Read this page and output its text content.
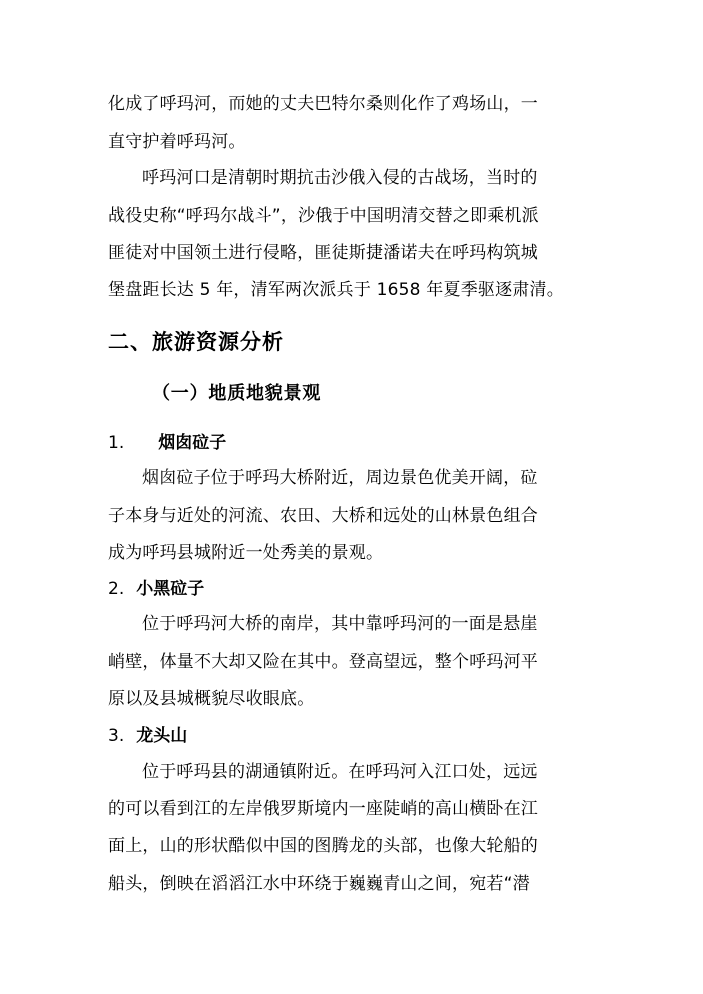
化成了呼玛河，而她的丈夫巴特尔桑则化作了鸡场山，一
直守护着呼玛河。
呼玛河口是清朝时期抗击沙俄入侵的古战场，当时的
战役史称“呼玛尔战斗”，沙俄于中国明清交替之即乘机派
匪徒对中国领土进行侵略，匪徒斯捷潘诺夫在呼玛构筑城
堡盘距长达 5 年，清军两次派兵于 1658 年夏季驱逐肃清。
二、旅游资源分析
（一）地质地貌景观
1. 烟囱砬子
烟囱砬子位于呼玛大桥附近，周边景色优美开阔，砬
子本身与近处的河流、农田、大桥和远处的山林景色组合
成为呼玛县城附近一处秀美的景观。
2. 小黑砬子
位于呼玛河大桥的南岸，其中靠呼玛河的一面是悬崖
峭壁，体量不大却又险在其中。登高望远，整个呼玛河平
原以及县城概貌尽收眼底。
3. 龙头山
位于呼玛县的湖通镇附近。在呼玛河入江口处，远远
的可以看到江的左岸俄罗斯境内一座陡峭的高山横卧在江
面上，山的形状酷似中国的图腾龙的头部，也像大轮船的
船头，倒映在滔滔江水中环绕于巍巍青山之间，宛若“潜
